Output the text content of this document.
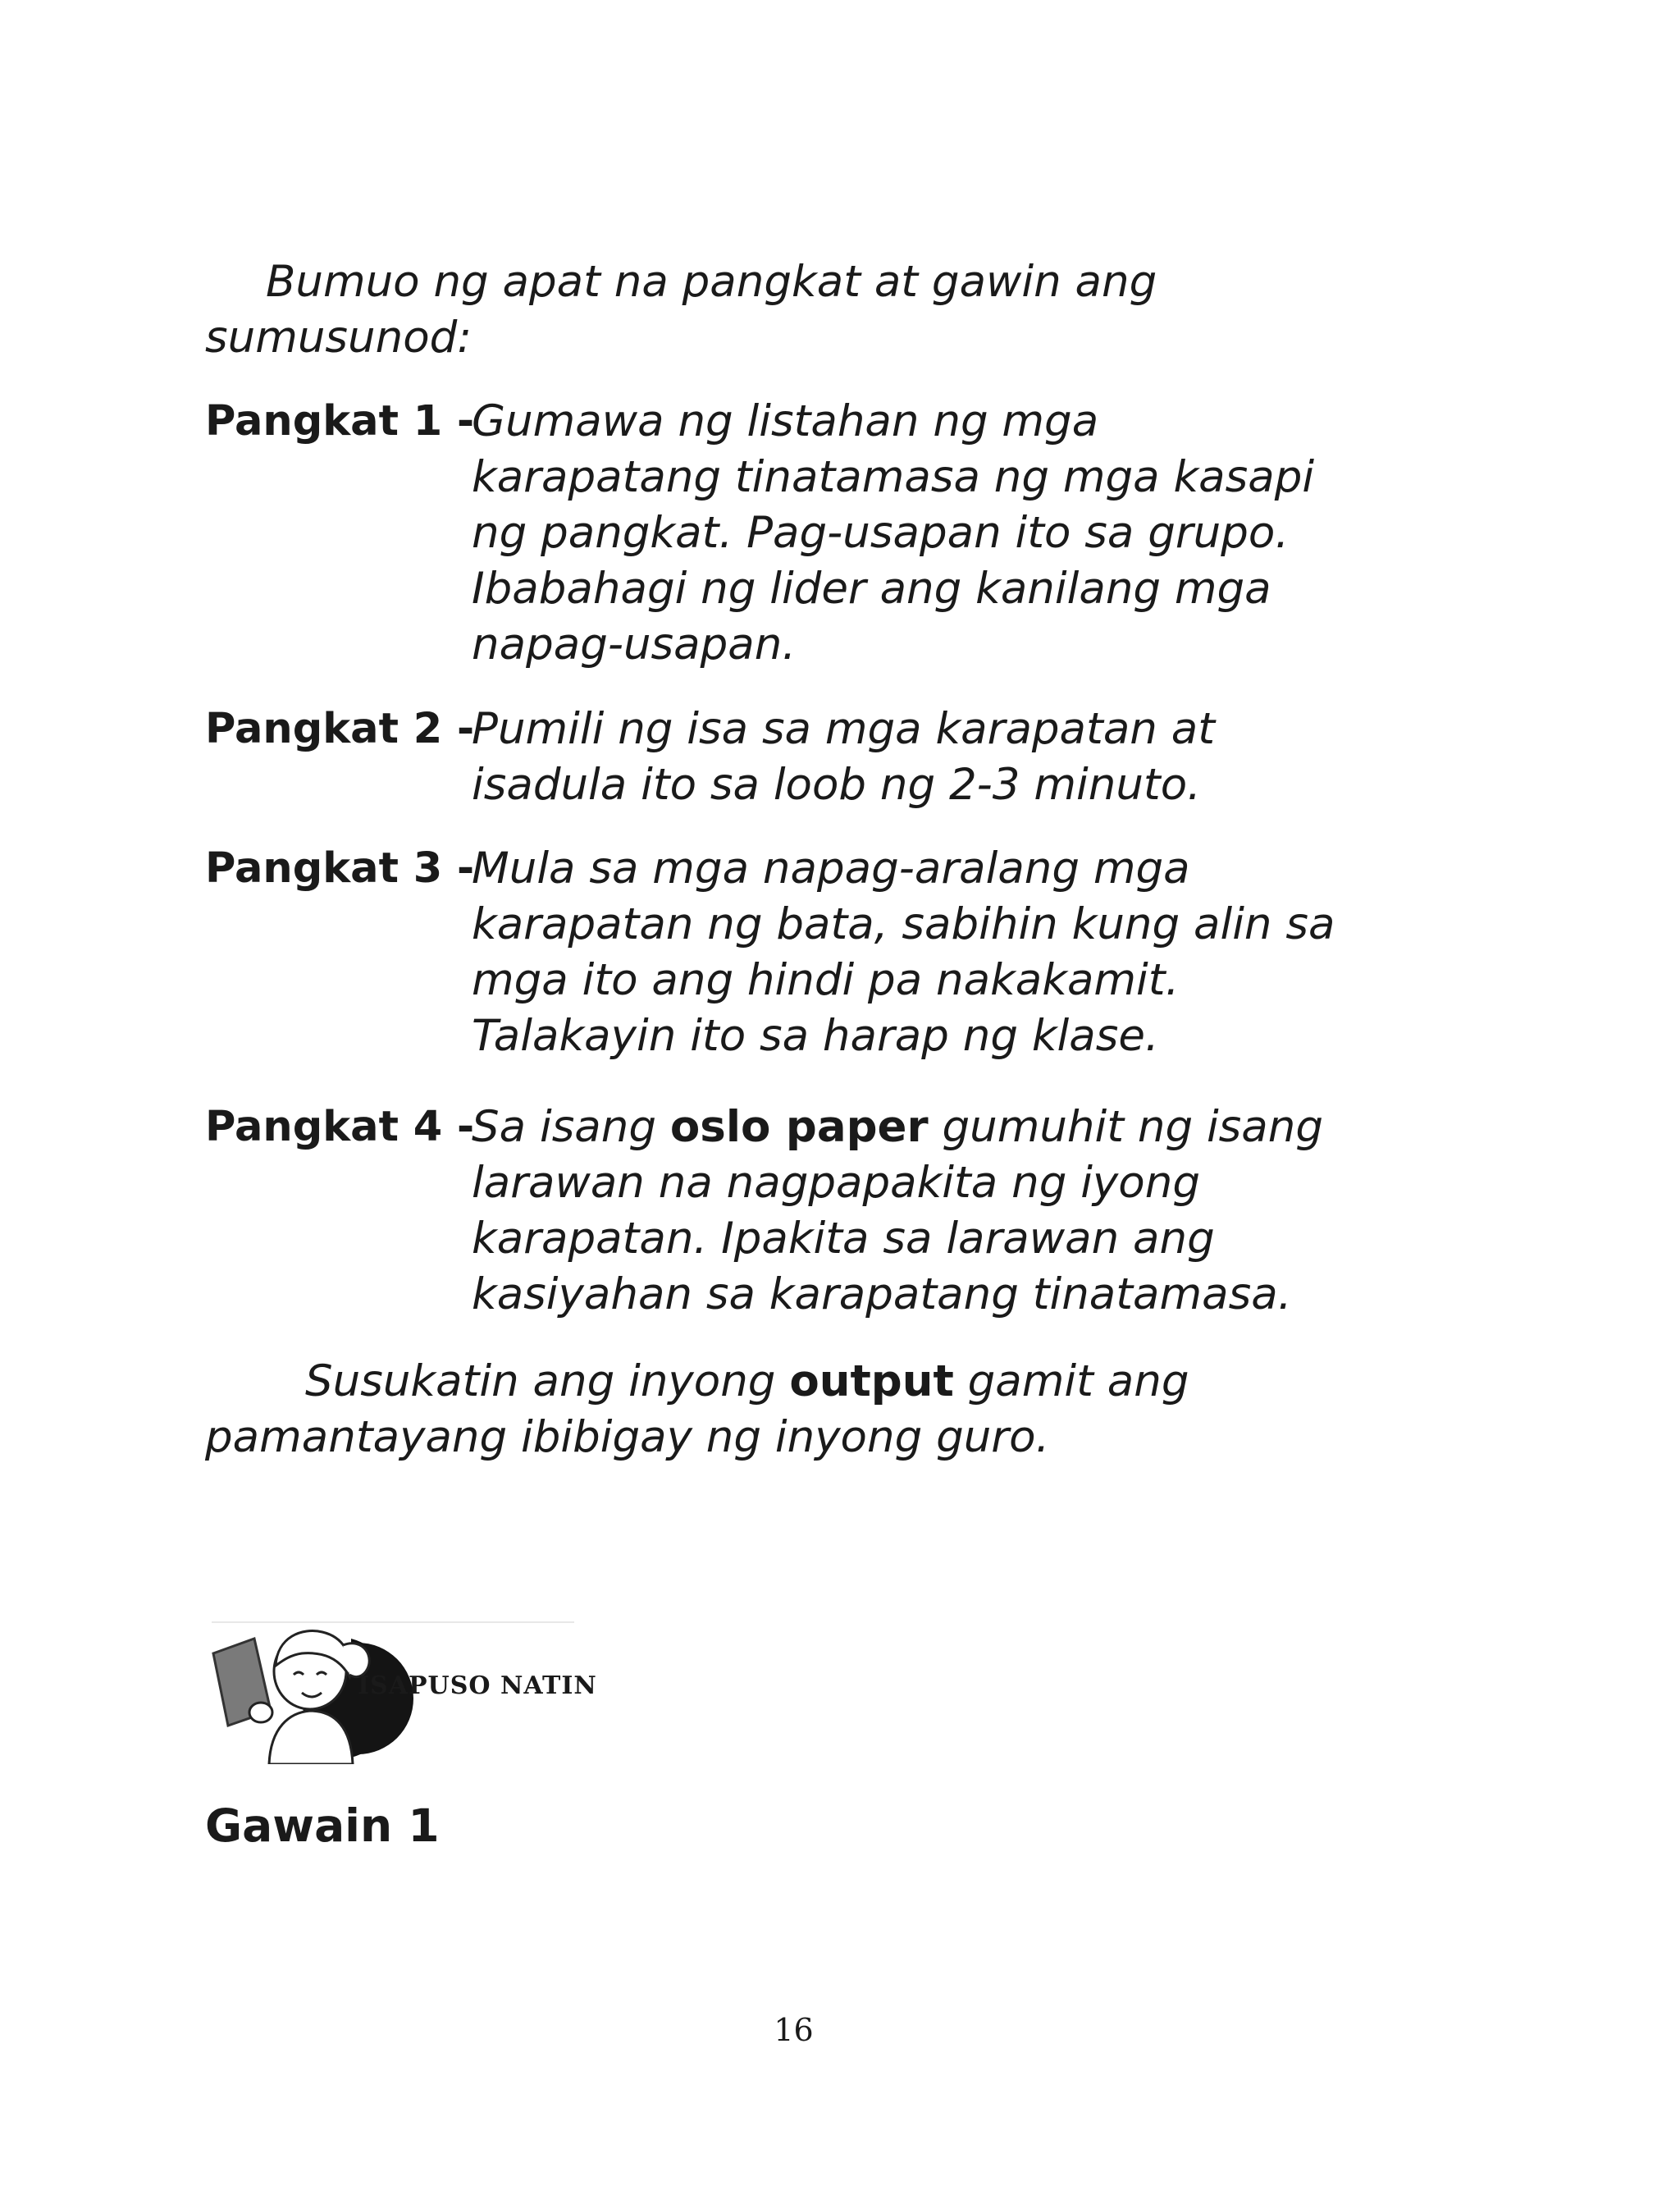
Bumuo ng apat na pangkat at gawin ang
sumusunod:

Pangkat 1 -

Gumawa ng listahan ng mga
karapatang tinatamasa ng mga kasapi
ng pangkat. Pag-usapan ito sa grupo.
Ibabahagi ng lider ang kanilang mga
napag-usapan.

Pangkat 2 -

Pumili ng isa sa mga karapatan at
isadula ito sa loob ng 2-3 minuto.

Pangkat 3 -

Mula sa mga napag-aralang mga
karapatan ng bata, sabihin kung alin sa
mga ito ang hindi pa nakakamit.
Talakayin ito sa harap ng klase.

Pangkat 4 -

Sa isang oslo paper gumuhit ng isang
larawan na nagpapakita ng iyong
karapatan. Ipakita sa larawan ang
kasiyahan sa karapatang tinatamasa.

Susukatin ang inyong output gamit ang
pamantayang ibibigay ng inyong guro.

ISAPUSO NATIN
Gawain 1
16
